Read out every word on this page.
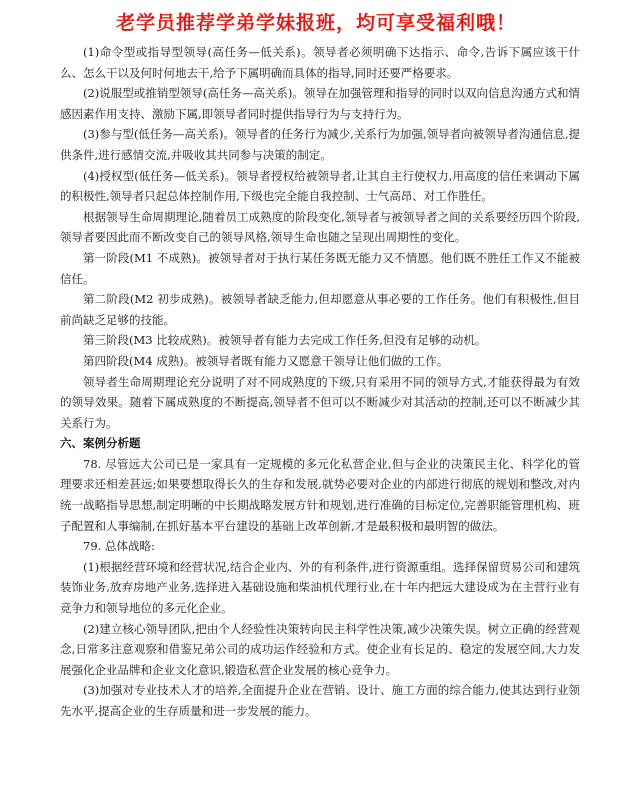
老学员推荐学弟学妹报班，均可享受福利哦！

(1)命令型或指导型领导(高任务—低关系)。领导者必须明确下达指示、命令,告诉下属应该干什么、怎么干以及何时何地去干,给予下属明确而具体的指导,同时还要严格要求。

(2)说服型或推销型领导(高任务—高关系)。领导在加强管理和指导的同时以双向信息沟通方式和情感因素作用支持、激励下属,即领导者同时提供指导行为与支持行为。

(3)参与型(低任务—高关系)。领导者的任务行为减少,关系行为加强,领导者向被领导者沟通信息,提供条件,进行感情交流,并吸收其共同参与决策的制定。

(4)授权型(低任务—低关系)。领导者授权给被领导者,让其自主行使权力,用高度的信任来调动下属的积极性,领导者只起总体控制作用,下级也完全能自我控制、士气高昂、对工作胜任。

根据领导生命周期理论,随着员工成熟度的阶段变化,领导者与被领导者之间的关系要经历四个阶段,领导者要因此而不断改变自己的领导风格,领导生命也随之呈现出周期性的变化。

第一阶段(M1 不成熟)。被领导者对于执行某任务既无能力又不情愿。他们既不胜任工作又不能被信任。

第二阶段(M2 初步成熟)。被领导者缺乏能力,但却愿意从事必要的工作任务。他们有积极性,但目前尚缺乏足够的技能。

第三阶段(M3 比较成熟)。被领导者有能力去完成工作任务,但没有足够的动机。

第四阶段(M4 成熟)。被领导者既有能力又愿意干领导让他们做的工作。

领导者生命周期理论充分说明了对不同成熟度的下级,只有采用不同的领导方式,才能获得最为有效的领导效果。随着下属成熟度的不断提高,领导者不但可以不断减少对其活动的控制,还可以不断减少其关系行为。

六、案例分析题

78. 尽管远大公司已是一家具有一定规模的多元化私营企业,但与企业的决策民主化、科学化的管理要求还相差甚远;如果要想取得长久的生存和发展,就势必要对企业的内部进行彻底的规划和整改,对内统一战略指导思想,制定明晰的中长期战略发展方针和规划,进行准确的目标定位,完善职能管理机构、班子配置和人事编制,在抓好基本平台建设的基础上改革创新,才是最积极和最明智的做法。

79. 总体战略:

(1)根据经营环境和经营状况,结合企业内、外的有利条件,进行资源重组。选择保留贸易公司和建筑装饰业务,放弃房地产业务,选择进入基础设施和柴油机代理行业,在十年内把远大建设成为在主营行业有竞争力和领导地位的多元化企业。

(2)建立核心领导团队,把由个人经验性决策转向民主科学性决策,减少决策失误。树立正确的经营观念,日常多注意观察和借鉴兄弟公司的成功运作经验和方式。使企业有长足的、稳定的发展空间,大力发展强化企业品牌和企业文化意识,锻造私营企业发展的核心竞争力。

(3)加强对专业技术人才的培养,全面提升企业在营销、设计、施工方面的综合能力,使其达到行业领先水平,提高企业的生存质量和进一步发展的能力。
